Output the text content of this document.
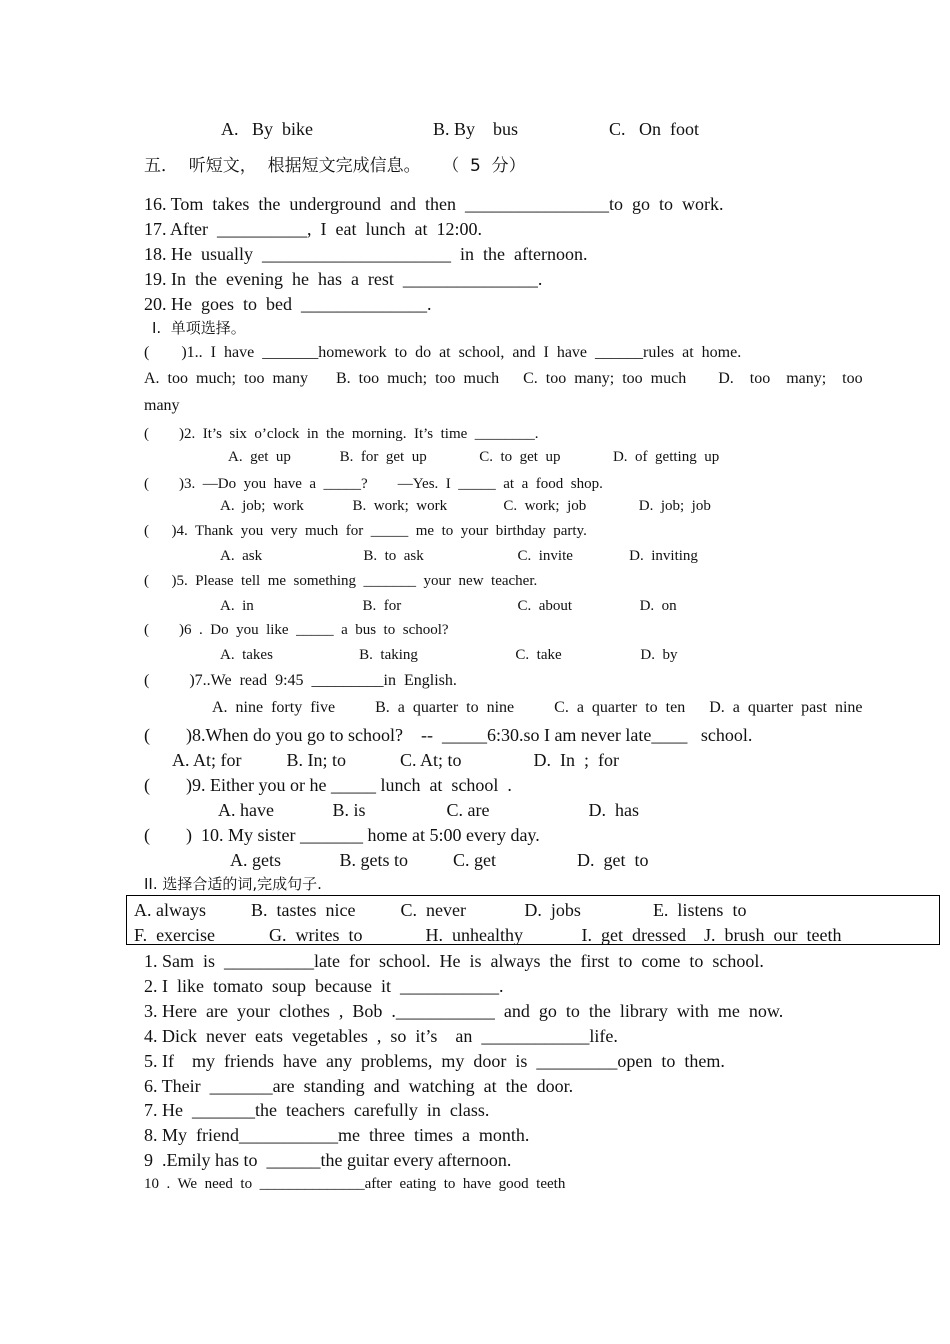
A.   By  bike	B. By    bus	C.   On  foot
五．  听短文，  根据短文完成信息。    （  5  分）
16. Tom  takes  the  underground  and  then  ________________to  go  to  work.
17. After  __________,  I  eat  lunch  at  12:00.
18. He  usually  _____________________  in  the  afternoon.
19. In  the  evening  he  has  a  rest  _______________.
20. He  goes  to  bed  ______________.
I.  单项选择。
(        )1..  I  have  _______homework  to  do  at  school,  and  I  have  ______rules  at  home.
A.  too  much;  too  many       B.  too  much;  too  much      C.  too  many;  too  much        D.    too    many;    too
many
(        )2.  It’s  six  o’clock  in  the  morning.  It’s  time  ________.
A.  get  up             B.  for  get  up              C.  to  get  up              D.  of  getting  up
(        )3.  —Do  you  have  a  _____?        —Yes.  I  _____  at  a  food  shop.
A.  job;  work             B.  work;  work               C.  work;  job              D.  job;  job
(      )4.  Thank  you  very  much  for  _____  me  to  your  birthday  party.
A.  ask                           B.  to  ask                         C.  invite               D.  inviting
(      )5.  Please  tell  me  something  _______  your  new  teacher.
A.  in                             B.  for                               C.  about                  D.  on
(        )6  .  Do  you  like  _____  a  bus  to  school?
A.  takes                       B.  taking                          C.  take                     D.  by
(          )7..We  read  9:45  _________in  English.
A.  nine  forty  five          B.  a  quarter  to  nine          C.  a  quarter  to  ten      D.  a  quarter  past  nine
(        )8.When do you go to school?    --  _____6:30.so I am never late____   school.
A. At; for          B. In; to            C. At; to                D.  In  ;  for
(        )9. Either you or he _____ lunch  at  school  .
A. have             B. is                  C. are                      D.  has
(        )  10. My sister _______ home at 5:00 every day.
A. gets             B. gets to          C. get                  D.  get  to
II. 选择合适的词,完成句子.
A. always          B.  tastes  nice          C.  never             D.  jobs                E.  listens  to
F.  exercise            G.  writes  to              H.  unhealthy             I.  get  dressed    J.  brush  our  teeth
1. Sam  is  __________late  for  school.  He  is  always  the  first  to  come  to  school.
2. I  like  tomato  soup  because  it  ___________.
3. Here  are  your  clothes  ,  Bob  .___________  and  go  to  the  library  with  me  now.
4. Dick  never  eats  vegetables  ,  so  it’s    an  ____________life.
5. If    my  friends  have  any  problems,  my  door  is  _________open  to  them.
6. Their  _______are  standing  and  watching  at  the  door.
7. He  _______the  teachers  carefully  in  class.
8. My  friend___________me  three  times  a  month.
9  .Emily has to  ______the guitar every afternoon.
10  .  We  need  to  ______________after  eating  to  have  good  teeth
